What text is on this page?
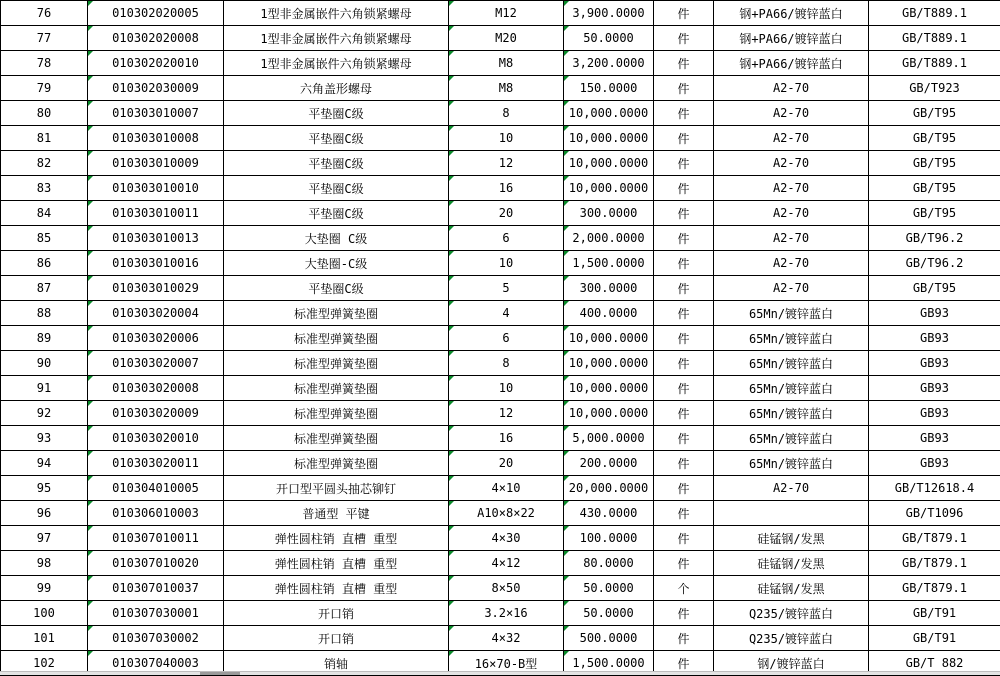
76	010302020005	1型非金属嵌件六角锁紧螺母	M12	3,900.0000	件	钢+PA66/镀锌蓝白	GB/T889.1
77	010302020008	1型非金属嵌件六角锁紧螺母	M20	50.0000	件	钢+PA66/镀锌蓝白	GB/T889.1
78	010302020010	1型非金属嵌件六角锁紧螺母	M8	3,200.0000	件	钢+PA66/镀锌蓝白	GB/T889.1
79	010302030009	六角盖形螺母	M8	150.0000	件	A2-70	GB/T923
80	010303010007	平垫圈C级	8	10,000.0000	件	A2-70	GB/T95
81	010303010008	平垫圈C级	10	10,000.0000	件	A2-70	GB/T95
82	010303010009	平垫圈C级	12	10,000.0000	件	A2-70	GB/T95
83	010303010010	平垫圈C级	16	10,000.0000	件	A2-70	GB/T95
84	010303010011	平垫圈C级	20	300.0000	件	A2-70	GB/T95
85	010303010013	大垫圈 C级	6	2,000.0000	件	A2-70	GB/T96.2
86	010303010016	大垫圈-C级	10	1,500.0000	件	A2-70	GB/T96.2
87	010303010029	平垫圈C级	5	300.0000	件	A2-70	GB/T95
88	010303020004	标准型弹簧垫圈	4	400.0000	件	65Mn/镀锌蓝白	GB93
89	010303020006	标准型弹簧垫圈	6	10,000.0000	件	65Mn/镀锌蓝白	GB93
90	010303020007	标准型弹簧垫圈	8	10,000.0000	件	65Mn/镀锌蓝白	GB93
91	010303020008	标准型弹簧垫圈	10	10,000.0000	件	65Mn/镀锌蓝白	GB93
92	010303020009	标准型弹簧垫圈	12	10,000.0000	件	65Mn/镀锌蓝白	GB93
93	010303020010	标准型弹簧垫圈	16	5,000.0000	件	65Mn/镀锌蓝白	GB93
94	010303020011	标准型弹簧垫圈	20	200.0000	件	65Mn/镀锌蓝白	GB93
95	010304010005	开口型平圆头抽芯铆钉	4×10	20,000.0000	件	A2-70	GB/T12618.4
96	010306010003	普通型 平键	A10×8×22	430.0000	件		GB/T1096
97	010307010011	弹性圆柱销 直槽 重型	4×30	100.0000	件	硅锰钢/发黑	GB/T879.1
98	010307010020	弹性圆柱销 直槽 重型	4×12	80.0000	件	硅锰钢/发黑	GB/T879.1
99	010307010037	弹性圆柱销 直槽 重型	8×50	50.0000	个	硅锰钢/发黑	GB/T879.1
100	010307030001	开口销	3.2×16	50.0000	件	Q235/镀锌蓝白	GB/T91
101	010307030002	开口销	4×32	500.0000	件	Q235/镀锌蓝白	GB/T91
102	010307040003	销轴	16×70-B型	1,500.0000	件	钢/镀锌蓝白	GB/T 882
